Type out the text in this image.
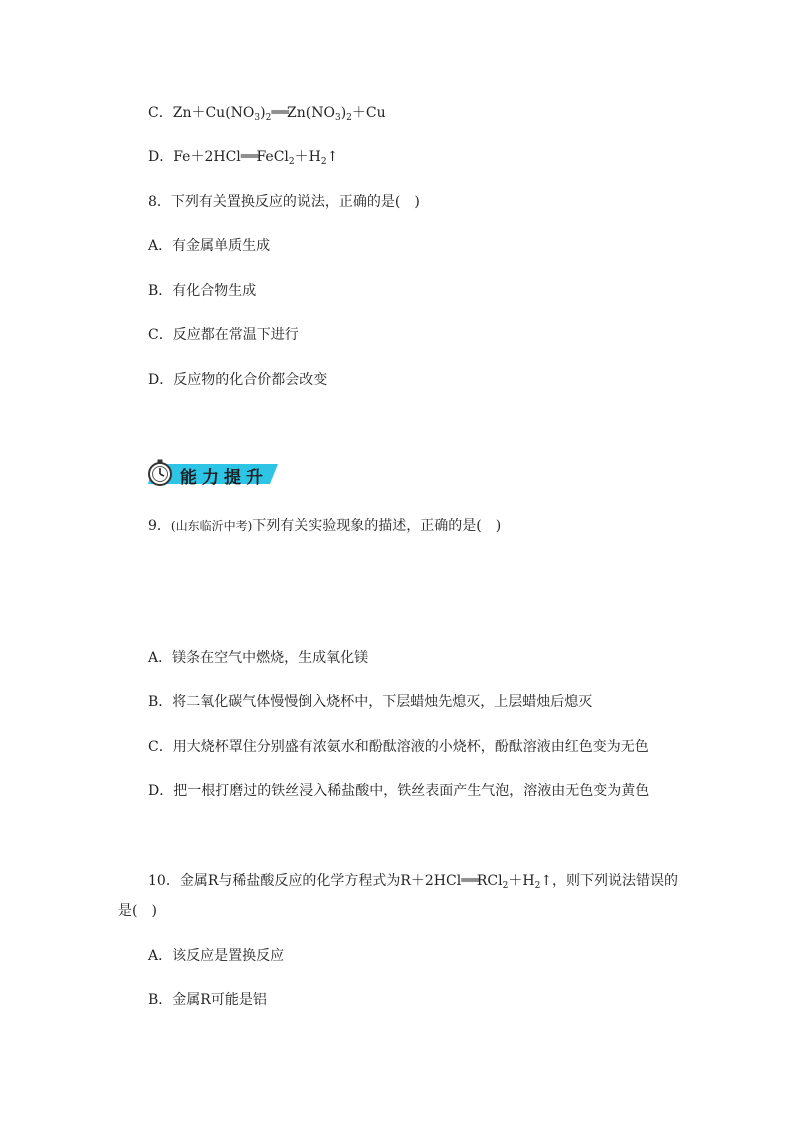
C．$Zn+Cu(NO_3)_2═══Zn(NO_3)_2+Cu$
D．$Fe+2HCl═══FeCl_2+H_2↑$
8．下列有关置换反应的说法，正确的是(　)
A．有金属单质生成
B．有化合物生成
C．反应都在常温下进行
D．反应物的化合价都会改变
能力提升
9．(山东临沂中考)下列有关实验现象的描述，正确的是(　)
A．镁条在空气中燃烧，生成氧化镁
B．将二氧化碳气体慢慢倒入烧杯中，下层蜡烛先熄灭，上层蜡烛后熄灭
C．用大烧杯罩住分别盛有浓氨水和酚酞溶液的小烧杯，酚酞溶液由红色变为无色
D．把一根打磨过的铁丝浸入稀盐酸中，铁丝表面产生气泡，溶液由无色变为黄色
10．金属R与稀盐酸反应的化学方程式为$R+2HCl═══RCl_2+H_2↑$，则下列说法错误的
是(　)
A．该反应是置换反应
B．金属R可能是铝
